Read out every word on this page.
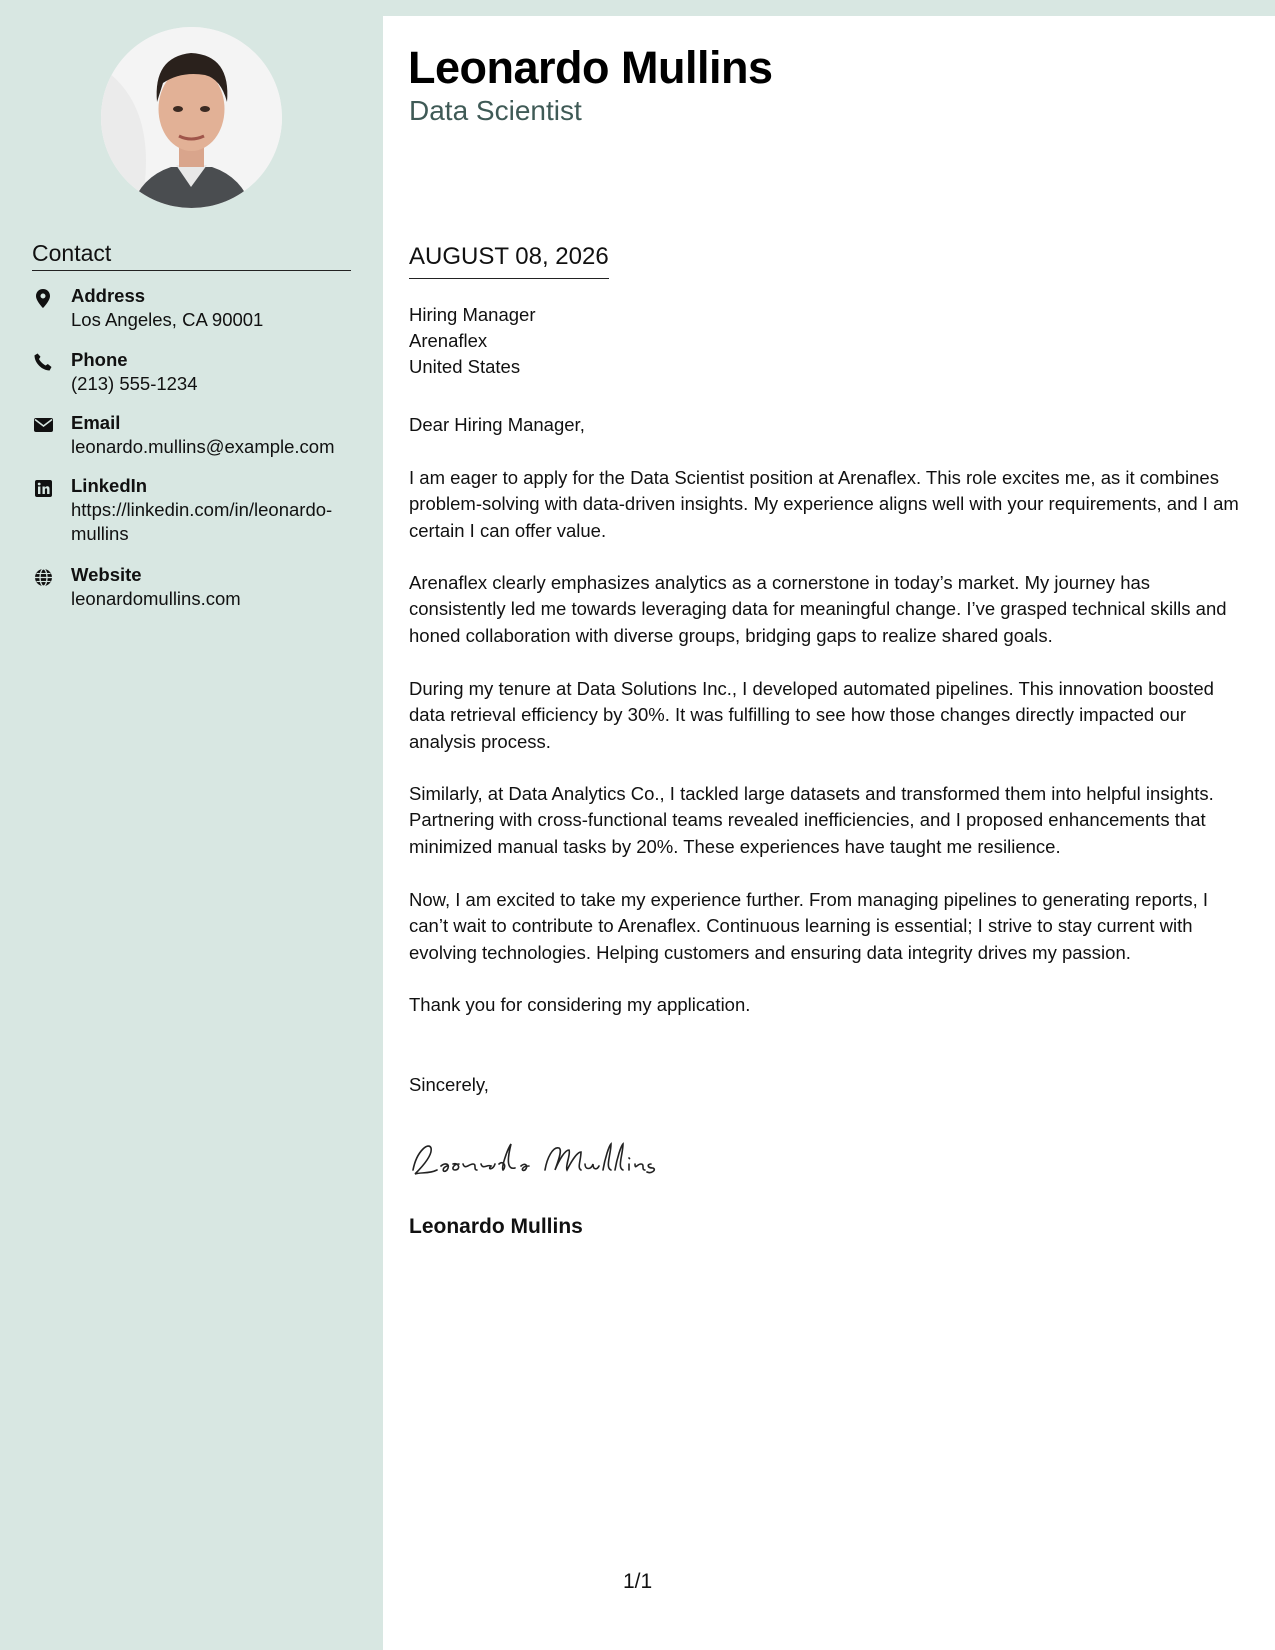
Contact
Address
Los Angeles, CA 90001
Phone
(213) 555-1234
Email
leonardo.mullins@example.com
LinkedIn
https://linkedin.com/in/leonardo-mullins
Website
leonardomullins.com
Leonardo Mullins
Data Scientist
AUGUST 08, 2026
Hiring Manager
Arenaflex
United States
Dear Hiring Manager,

I am eager to apply for the Data Scientist position at Arenaflex. This role excites me, as it combines problem-solving with data-driven insights. My experience aligns well with your requirements, and I am certain I can offer value.

Arenaflex clearly emphasizes analytics as a cornerstone in today’s market. My journey has consistently led me towards leveraging data for meaningful change. I’ve grasped technical skills and honed collaboration with diverse groups, bridging gaps to realize shared goals.

During my tenure at Data Solutions Inc., I developed automated pipelines. This innovation boosted data retrieval efficiency by 30%. It was fulfilling to see how those changes directly impacted our analysis process.

Similarly, at Data Analytics Co., I tackled large datasets and transformed them into helpful insights. Partnering with cross-functional teams revealed inefficiencies, and I proposed enhancements that minimized manual tasks by 20%. These experiences have taught me resilience.

Now, I am excited to take my experience further. From managing pipelines to generating reports, I can’t wait to contribute to Arenaflex. Continuous learning is essential; I strive to stay current with evolving technologies. Helping customers and ensuring data integrity drives my passion.

Thank you for considering my application.

Sincerely,
Leonardo Mullins
1/1
